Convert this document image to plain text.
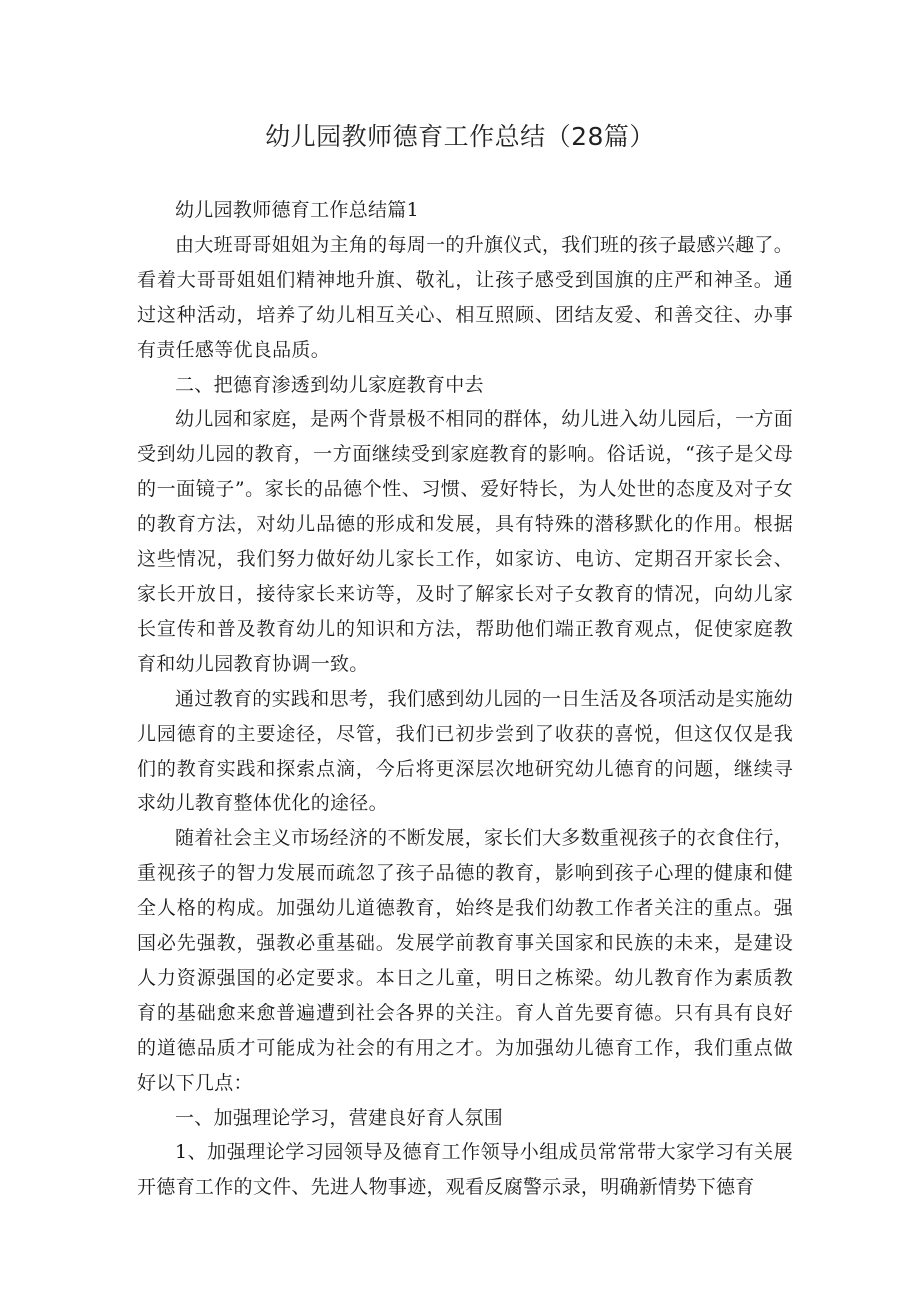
幼儿园教师德育工作总结（28篇）

幼儿园教师德育工作总结篇1

由大班哥哥姐姐为主角的每周一的升旗仪式，我们班的孩子最感兴趣了。看着大哥哥姐姐们精神地升旗、敬礼，让孩子感受到国旗的庄严和神圣。通过这种活动，培养了幼儿相互关心、相互照顾、团结友爱、和善交往、办事有责任感等优良品质。

二、把德育渗透到幼儿家庭教育中去

幼儿园和家庭，是两个背景极不相同的群体，幼儿进入幼儿园后，一方面受到幼儿园的教育，一方面继续受到家庭教育的影响。俗话说，“孩子是父母的一面镜子”。家长的品德个性、习惯、爱好特长，为人处世的态度及对子女的教育方法，对幼儿品德的形成和发展，具有特殊的潜移默化的作用。根据这些情况，我们努力做好幼儿家长工作，如家访、电访、定期召开家长会、家长开放日，接待家长来访等，及时了解家长对子女教育的情况，向幼儿家长宣传和普及教育幼儿的知识和方法，帮助他们端正教育观点，促使家庭教育和幼儿园教育协调一致。

通过教育的实践和思考，我们感到幼儿园的一日生活及各项活动是实施幼儿园德育的主要途径，尽管，我们已初步尝到了收获的喜悦，但这仅仅是我们的教育实践和探索点滴，今后将更深层次地研究幼儿德育的问题，继续寻求幼儿教育整体优化的途径。

随着社会主义市场经济的不断发展，家长们大多数重视孩子的衣食住行，重视孩子的智力发展而疏忽了孩子品德的教育，影响到孩子心理的健康和健全人格的构成。加强幼儿道德教育，始终是我们幼教工作者关注的重点。强国必先强教，强教必重基础。发展学前教育事关国家和民族的未来，是建设人力资源强国的必定要求。本日之儿童，明日之栋梁。幼儿教育作为素质教育的基础愈来愈普遍遭到社会各界的关注。育人首先要育德。只有具有良好的道德品质才可能成为社会的有用之才。为加强幼儿德育工作，我们重点做好以下几点：

一、加强理论学习，营建良好育人氛围

1、加强理论学习园领导及德育工作领导小组成员常常带大家学习有关展开德育工作的文件、先进人物事迹，观看反腐警示录，明确新情势下德育
